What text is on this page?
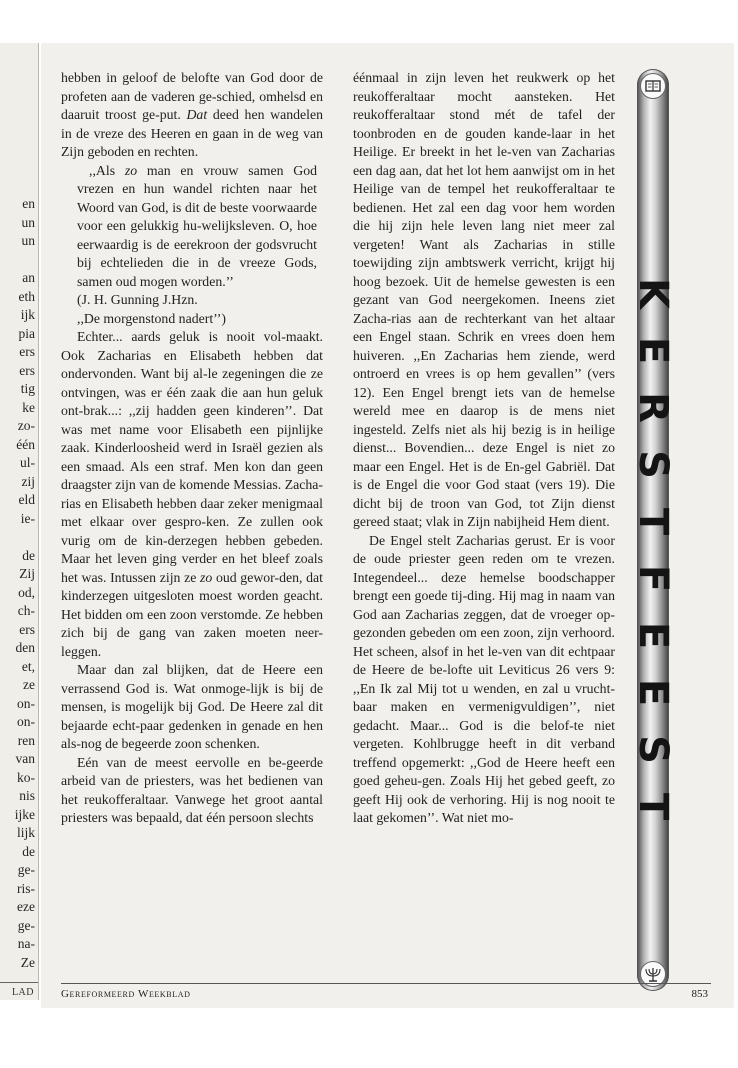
en
un
un

an
eth
ijk
pia
ers
ers
tig
ke
zo-
één
ul-
zij
eld
ie-

de
Zij
od,
ch-
ers
den
et,
ze
on-
on-
ren
van
ko-
nis
ijke
lijk
de
ge-
ris-
eze
ge-
na-
Ze
LAD

hebben in geloof de belofte van God door de profeten aan de vaderen ge-schied, omhelsd en daaruit troost ge-put. Dat deed hen wandelen in de vreze des Heeren en gaan in de weg van Zijn geboden en rechten.

,,Als zo man en vrouw samen God vrezen en hun wandel richten naar het Woord van God, is dit de beste voorwaarde voor een gelukkig hu-welijksleven. O, hoe eerwaardig is de eerekroon der godsvrucht bij echtelieden die in de vreeze Gods, samen oud mogen worden.’’

(J. H. Gunning J.Hzn.

,,De morgenstond nadert’’)

Echter... aards geluk is nooit vol-maakt. Ook Zacharias en Elisabeth hebben dat ondervonden. Want bij al-le zegeningen die ze ontvingen, was er één zaak die aan hun geluk ont-brak...: ,,zij hadden geen kinderen’’. Dat was met name voor Elisabeth een pijnlijke zaak. Kinderloosheid werd in Israël gezien als een smaad. Als een straf. Men kon dan geen draagster zijn van de komende Messias. Zacha-rias en Elisabeth hebben daar zeker menigmaal met elkaar over gespro-ken. Ze zullen ook vurig om de kin-derzegen hebben gebeden. Maar het leven ging verder en het bleef zoals het was. Intussen zijn ze zo oud gewor-den, dat kinderzegen uitgesloten moest worden geacht. Het bidden om een zoon verstomde. Ze hebben zich bij de gang van zaken moeten neer-leggen.

Maar dan zal blijken, dat de Heere een verrassend God is. Wat onmoge-lijk is bij de mensen, is mogelijk bij God. De Heere zal dit bejaarde echt-paar gedenken in genade en hen als-nog de begeerde zoon schenken.

Eén van de meest eervolle en be-geerde arbeid van de priesters, was het bedienen van het reukofferaltaar. Vanwege het groot aantal priesters was bepaald, dat één persoon slechts

éénmaal in zijn leven het reukwerk op het reukofferaltaar mocht aansteken. Het reukofferaltaar stond mét de tafel der toonbroden en de gouden kande-laar in het Heilige. Er breekt in het le-ven van Zacharias een dag aan, dat het lot hem aanwijst om in het Heilige van de tempel het reukofferaltaar te bedienen. Het zal een dag voor hem worden die hij zijn hele leven lang niet meer zal vergeten! Want als Zacharias in stille toewijding zijn ambtswerk verricht, krijgt hij hoog bezoek. Uit de hemelse gewesten is een gezant van God neergekomen. Ineens ziet Zacha-rias aan de rechterkant van het altaar een Engel staan. Schrik en vrees doen hem huiveren. ,,En Zacharias hem ziende, werd ontroerd en vrees is op hem gevallen’’ (vers 12). Een Engel brengt iets van de hemelse wereld mee en daarop is de mens niet ingesteld. Zelfs niet als hij bezig is in heilige dienst... Bovendien... deze Engel is niet zo maar een Engel. Het is de En-gel Gabriël. Dat is de Engel die voor God staat (vers 19). Die dicht bij de troon van God, tot Zijn dienst gereed staat; vlak in Zijn nabijheid Hem dient.

De Engel stelt Zacharias gerust. Er is voor de oude priester geen reden om te vrezen. Integendeel... deze hemelse boodschapper brengt een goede tij-ding. Hij mag in naam van God aan Zacharias zeggen, dat de vroeger op-gezonden gebeden om een zoon, zijn verhoord. Het scheen, alsof in het le-ven van dit echtpaar de Heere de be-lofte uit Leviticus 26 vers 9: ,,En Ik zal Mij tot u wenden, en zal u vrucht-baar maken en vermenigvuldigen’’, niet gedacht. Maar... God is die belof-te niet vergeten. Kohlbrugge heeft in dit verband treffend opgemerkt: ,,God de Heere heeft een goed geheu-gen. Zoals Hij het gebed geeft, zo geeft Hij ook de verhoring. Hij is nog nooit te laat gekomen’’. Wat niet mo-

K
E
R
S
T
F
E
E
S
T
Gereformeerd Weekblad	853
